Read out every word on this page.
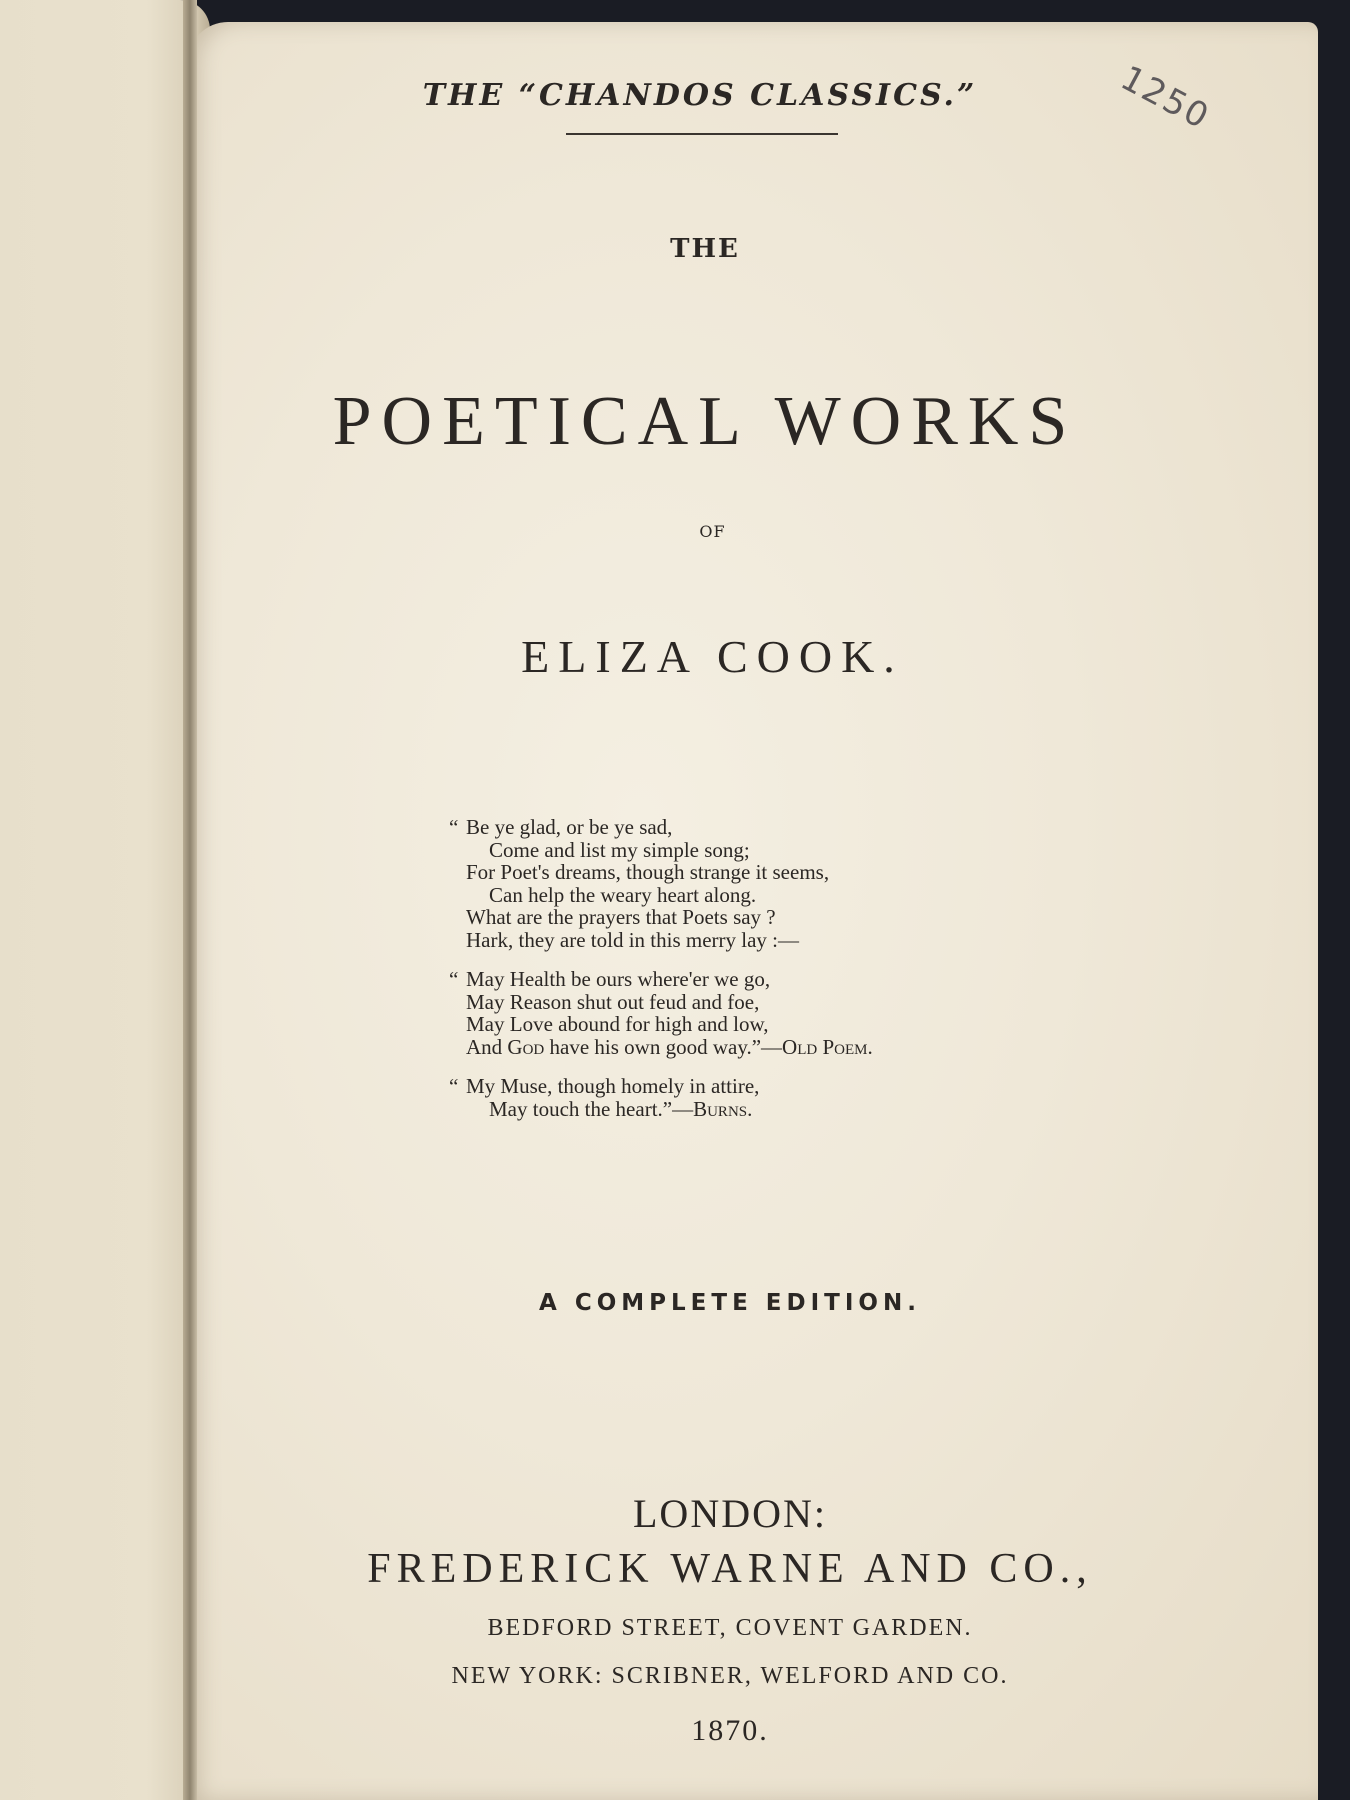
THE “CHANDOS CLASSICS.”	1250
THE
POETICAL WORKS
OF
ELIZA COOK.
“ Be ye glad, or be ye sad,
Come and list my simple song;
For Poet's dreams, though strange it seems,
Can help the weary heart along.
What are the prayers that Poets say ?
Hark, they are told in this merry lay :—
“ May Health be ours where'er we go,
May Reason shut out feud and foe,
May Love abound for high and low,
And God have his own good way.”—Old Poem.
“ My Muse, though homely in attire,
May touch the heart.”—Burns.
A COMPLETE EDITION.
LONDON:
FREDERICK WARNE AND CO.,
BEDFORD STREET, COVENT GARDEN.
NEW YORK: SCRIBNER, WELFORD AND CO.
1870.
